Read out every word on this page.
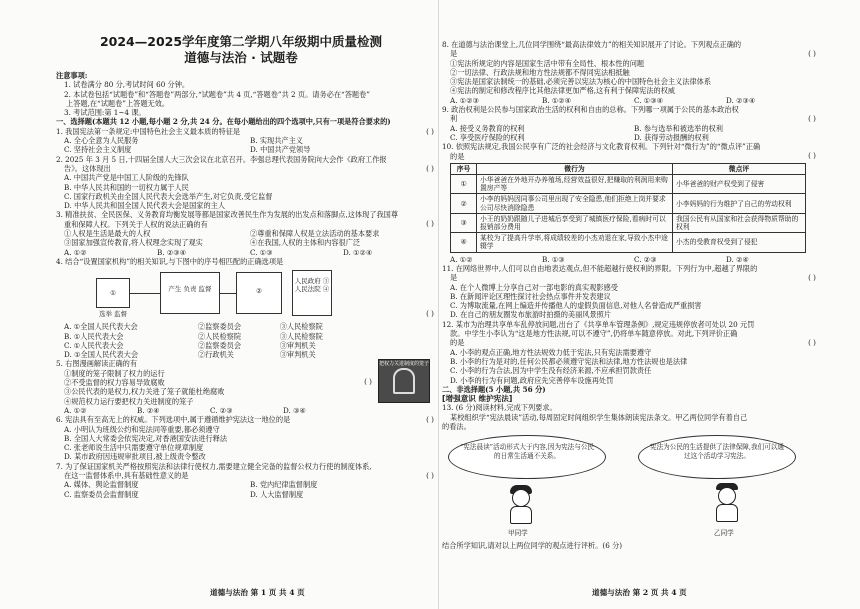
2024—2025学年度第二学期八年级期中质量检测
道德与法治 · 试题卷
注意事项:
1. 试卷满分 80 分,考试时间 60 分钟。
2. 本试卷包括“试题卷”和“答题卷”两部分,“试题卷”共 4 页,“答题卷”共 2 页。请务必在“答题卷”
上答题,在“试题卷”上答题无效。
3. 考试范围:第 1~4 课。
一、选择题(本题共 12 小题,每小题 2 分,共 24 分。在每小题给出的四个选项中,只有一项是符合要求的)
1. 我国宪法第一条规定:中国特色社会主义最本质的特征是	( )
A. 全心全意为人民服务	B. 实现共产主义
C. 坚持社会主义制度	D. 中国共产党领导
2. 2025 年 3 月 5 日,十四届全国人大三次会议在北京召开。李强总理代表国务院向大会作《政府工作报
告》。这体现出	( )
A. 中国共产党是中国工人阶级的先锋队
B. 中华人民共和国的一切权力属于人民
C. 国家行政机关由全国人民代表大会选举产生,对它负责,受它监督
D. 中华人民共和国全国人民代表大会是国家的主人
3. 精准扶贫、全民医保、义务教育均衡发展等都是国家改善民生作为发展的出发点和落脚点,这体现了我国尊
重和保障人权。下列关于人权的说法正确的有	( )
①人权是生活是最大的人权	②尊重和保障人权是立法活动的基本要求
③国家加强宣传教育,将人权理念实现了观实	④在我国,人权的主体和内容很广泛
A. ①②	B. ②③④	C. ①③	D. ①②④
4. 结合“设置国家机构”的相关知识,与下图中的序号相匹配的正确选项是
①	产生 负责 监督	②
人民政府 ③ 人民法院 ④
选举 监督	( )
A. ①全国人民代表大会	②监察委员会	③人民检察院
B. ①人民代表大会	②人民检察院	③人民检察院
C. ①人民代表大会	②监察委员会	③审判机关
D. ①全国人民代表大会	②行政机关	③审判机关
5. 右图漫画解读正确的有	把权力关进制度的笼子
①制度的笼子限制了权力的运行
②不受监督的权力容易导致腐败
③公民代表的是权力,权力关进了笼子就能杜绝腐败
④规范权力运行要把权力关进制度的笼子
A. ①②	B. ②④	C. ②③	D. ③④
( )
6. 宪法具有至高无上的权威。下列选项中,属于遵循维护宪法这一地位的是	( )
A. 小明认为班级公约和宪法同等重要,都必须遵守
B. 全国人大常委会依宪决定,对香港国安法进行释法
C. 张老师说生活中只需要遵守单位规章制度
D. 某市政府因违规审批项目,被上级责令整改
7. 为了保证国家机关严格按照宪法和法律行使权力,需要建立健全完备的监督公权力行使的制度体系,
在这一监督体系中,具有基础性意义的是	( )
A. 媒体、舆论监督制度	B. 党内纪律监督制度
C. 监察委员会监督制度	D. 人大监督制度
8. 在道德与法治课堂上,几位同学围绕“最高法律效力”的相关知识展开了讨论。下列观点正确的
是	( )
①宪法所规定的内容是国家生活中带有全局性、根本性的问题
②一切法律、行政法规和地方性法规都不得同宪法相抵触
③宪法是国家法制统一的基础,必须完善以宪法为核心的中国特色社会主义法律体系
④宪法的制定和修改程序比其他法律更加严格,这有利于保障宪法的权威
A. ①②③	B. ①②④	C. ①③④	D. ②③④
9. 政治权利是公民参与国家政治生活的权利和自由的总称。下列哪一项属于公民的基本政治权
利	( )
A. 接受义务教育的权利	B. 参与选举和被选举的权利
C. 享受医疗保险的权利	D. 获得劳动报酬的权利
10. 依照宪法规定,我国公民享有广泛的社会经济与文化教育权利。下列针对“微行为”的“微点评”正确
的是	( )
序号	微行为	微点评
①	小华爸爸在外地开办养殖场,经营效益很好,把赚取的利润用来购置房产等	小华爸爸的财产权受到了侵害
②	小李的妈妈因同事公司里出现了安全隐患,他们拒绝上岗并要求公司尽快消除隐患	小李妈妈的行为维护了自己的劳动权利
③	小王的奶奶跟随儿子进城后享受到了城镇医疗保险,看病时可以报销部分费用	我国公民有从国家和社会获得物质帮助的权利
④	某校为了提高升学率,将成绩较差的小杰劝退在家,导致小杰中途辍学	小杰的受教育权受到了侵犯
A. ①②	B. ①③	C. ②③	D. ②④
11. 在网络世界中,人们可以自由地表达观点,但不能超越行使权利的界限。下列行为中,超越了界限的
是	( )
A. 在个人微博上分享自己对一部电影的真实观影感受
B. 在新闻评论区理性探讨社会热点事件并发表建议
C. 为博取流量,在网上编造并传播他人的虚假负面信息,对他人名誉造成严重损害
D. 在自己的朋友圈发布旅游时拍摄的美丽风景照片
12. 某市为治理共享单车乱停放问题,出台了《共享单车管理条例》,规定违规停放者可处以 20 元罚
款。中学生小李认为“这是地方性法规,可以不遵守”,仍将单车随意停放。对此,下列评价正确
的是	( )
A. 小李的观点正确,地方性法规效力低于宪法,只有宪法需要遵守
B. 小李的行为是对的,任何公民都必须遵守宪法和法律,地方性法规也是法律
C. 小李的行为合法,因为中学生没有经济来源,不应承担罚款责任
D. 小李的行为有问题,政府应先完善停车设施再处罚
二、非选择题(5 小题,共 56 分)
[增强意识 维护宪法]
13. (6 分)阅读材料,完成下列要求。
某校组织学“宪法晨读”活动,每周固定时间组织学生集体朗读宪法条文。甲乙两位同学有着自己
的看法。
“宪法晨读”活动形式大于内容,因为宪法与公民的日常生活通不关系。
宪法为公民的生活提供了法律保障,我们可以通过这个活动学习宪法。
甲同学	乙同学
结合所学知识,请对以上两位同学的观点进行评析。(6 分)
道德与法治 第 1 页 共 4 页	道德与法治 第 2 页 共 4 页
